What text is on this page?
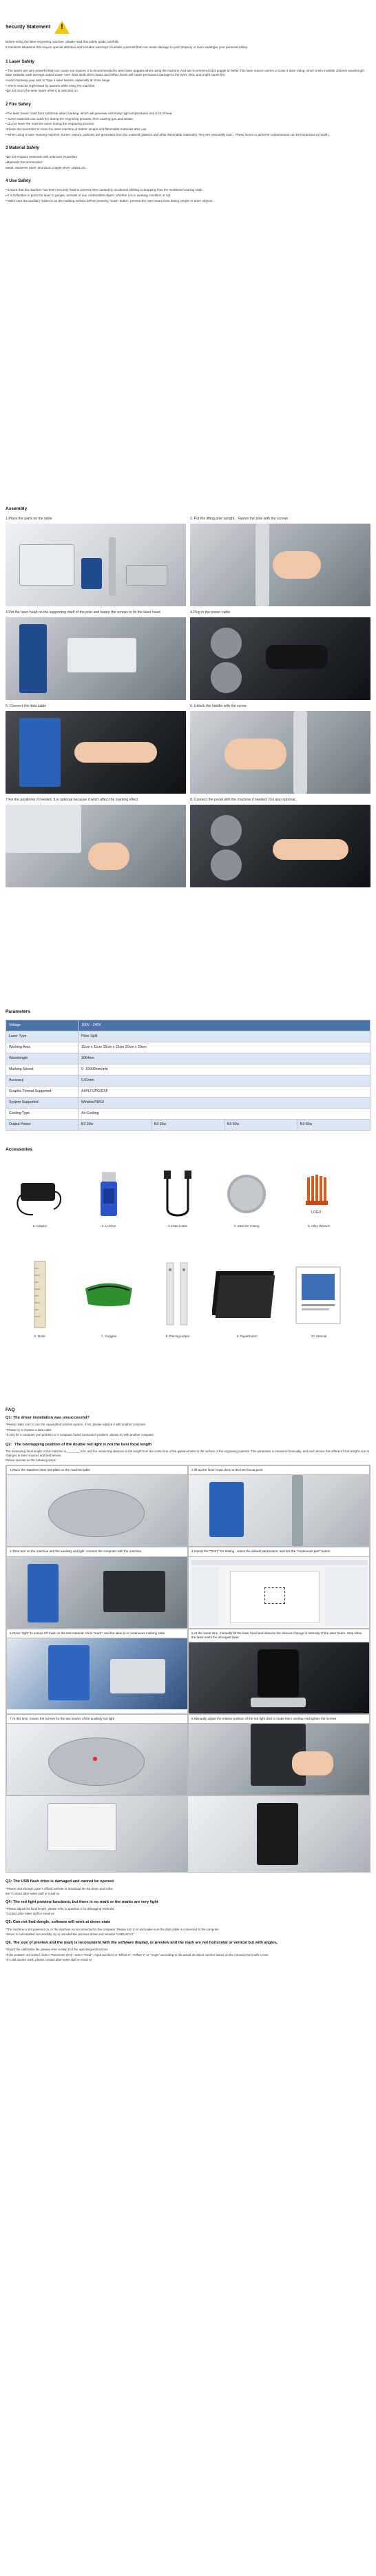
Security Statement !
Before using the laser engraving machine, please read this safety guide carefully.
It mentions situations that require special attention and includes warnings of unsafe practices that can cause damage to your property or even endanger your personal safety.
1 Laser Safety
• The lasers are very powerful that can cause eye injuries. It is recommended to wear laser goggles when using the machine.And we recommend OD4 goggle or better.This laser source carries a Class 4 laser rating, which emits invisible 1064nm wavelength laser radiation with average output power over 20W. Both direct beam and reflect beam will cause permanent damage to the eyes, skin, and might cause fire.
•Avoid exposing your skin to Type 4 laser beams, especially at close range
• Teens must be supervised by parents while using the machine.
•Do not touch the laser beam while it is switched on.
2 Fire Safety
•The laser beam could burn substrate when marking, which will generate extremely high temperatures and a lot of heat.
• Some materials can catch fire during the engraving process; then causing gas and smoke.
• Do not leave the machine alone during the engraving process.
•Please do remember to clean the laser machine of debris, scraps and flammable materials after use.
• When using a laser marking machine, fumes, vapors, particles are generated from the material (plastics and other flammable materials), they are potentially toxic . These fumes or airborne contaminants can be hazardous to health.
3 Material Safety
•Do not engrave materials with unknown properties.
•Materials Recommended:
Metal, Stainless Steel, aluminum,copper,silver, plastic,etc.
4 Use Safety
• Ensure that the machine has been securely fixed to prevent fires caused by accidental shifting or dropping from the workbench during work.
• It is forbidden to point the laser to people, animals or any combustible object, whether it is in working condition or not.
• Make sure the auxiliary holder is on the marking surface before pressing "mark" button, prevent the laser beam from hitting people or other objects.
Assembly
1.Place the parts on the table	2. Put the lifting pole upright，Fasten the pole with the screws
3.Put the laser head on the supporting shelf of the pole and fasten the screws to fix the laser head	4.Plug in the power cable
5. Connect the data cable	6. Unlock the handle with the screw
7.Fix the positioner if needed. It is optional because it won't affect the marking effect	8. Connect the pedal with the machine if needed. It is also optional.
Parameters
Voltage	100V - 240V			
Laser Type	Fiber Split			
Working Area	11cm x 11cm 15cm x 15cm 20cm x 20cm			
Wavelength	1064nm			
Marking Speed:	0- 15000mm/min			
Accuracy	0.01mm			
Graphic Format Supported	AI/PLT/JPG/DXF			
System Supported	Window7/8/10			
Cooling Type	Air Cooling			
Output Power	B3 20w	B3 30w	B3 50w	B3 60w
Accessories
1. Adapter	2. U Drive	3. Data Cable	4. Steel for testing
LOGO
5. Allen Wrench
6. Ruler	7. Goggles	8. Placing Helper	9. Paperboard	10. Manual
FAQ
Q1: The driver installation was unsuccessful?
*Please make sure to use the copyrighted window system, if not, please replace it with another computer
*Please try to replace a data cable
*It may be a computer port problem or a computer board connection problem, please try with another computer
Q2：The overlapping position of the double red light is not the best focal length
The measuring focal length of this machine is ________mm, and the measuring distance is the length from the center line of the galvanometer to the surface of the engraving material. This parameter is measured manually, and each device has different focal lengths due to changes in laser sources and field lenses.
Please operate as the following steps:
1.Place the stainless steel test plate on the machine table	2.lift up the laser head close to the best focus point
3.Then turn on the machine and the auxiliary red light, connect the computer with the machine	4.Import the "TEXT" for testing , select the default parameters, and tick the "continuous part" button.
5.Press "light" to ensure it'll mark on the test material. Click "mark", and the laser is in continuous marking state	6.At the same time, manually lift the laser head and observe the obvious change of intensity of the laser beam. Stop when the laser emits the strongest laser
7.At this time, loosen the screws for the two beams of the auxiliary red light	8.Manually adjust the relative position of the red light dots to make them overlap.And tighten the screws
Q3: The USB flash drive is damaged and cannot be opened
*Please visit Zhongli Laser's official website to download the B3 driver and softw
are *Contact after-sales staff or email us
Q4: The red light preview functions, but there is no mark or the marks are very light
*Please adjust the focal length, please refer to question 2 for debugging methods
*Contact after-sales staff or email us
Q5: Can not find dongle, software will work at demo state
*The machine is not powered on, or the machine is not connected to the computer. Please turn it on and make sure the data cable is connected to the computer
*Driver is not installed successfully, try to uninstall the previous driver and reinstall "USBLMCV2"
Q6. The size of preview and the mark is inconsistent with the software display, or preview and the mark are not horizontal or vertical but with angles。
*Import the calibration file, please refer to step 5 of the operating instructions
*If the problem not solved, select "Parameter (F3)", select "Field" , Input numbers in "Offset X" ,"Offset Y" or "Angle" according to the actual deviation number based on the measurement with a ruler.
*If it still doesn't work, please contact after-sales staff or email us
